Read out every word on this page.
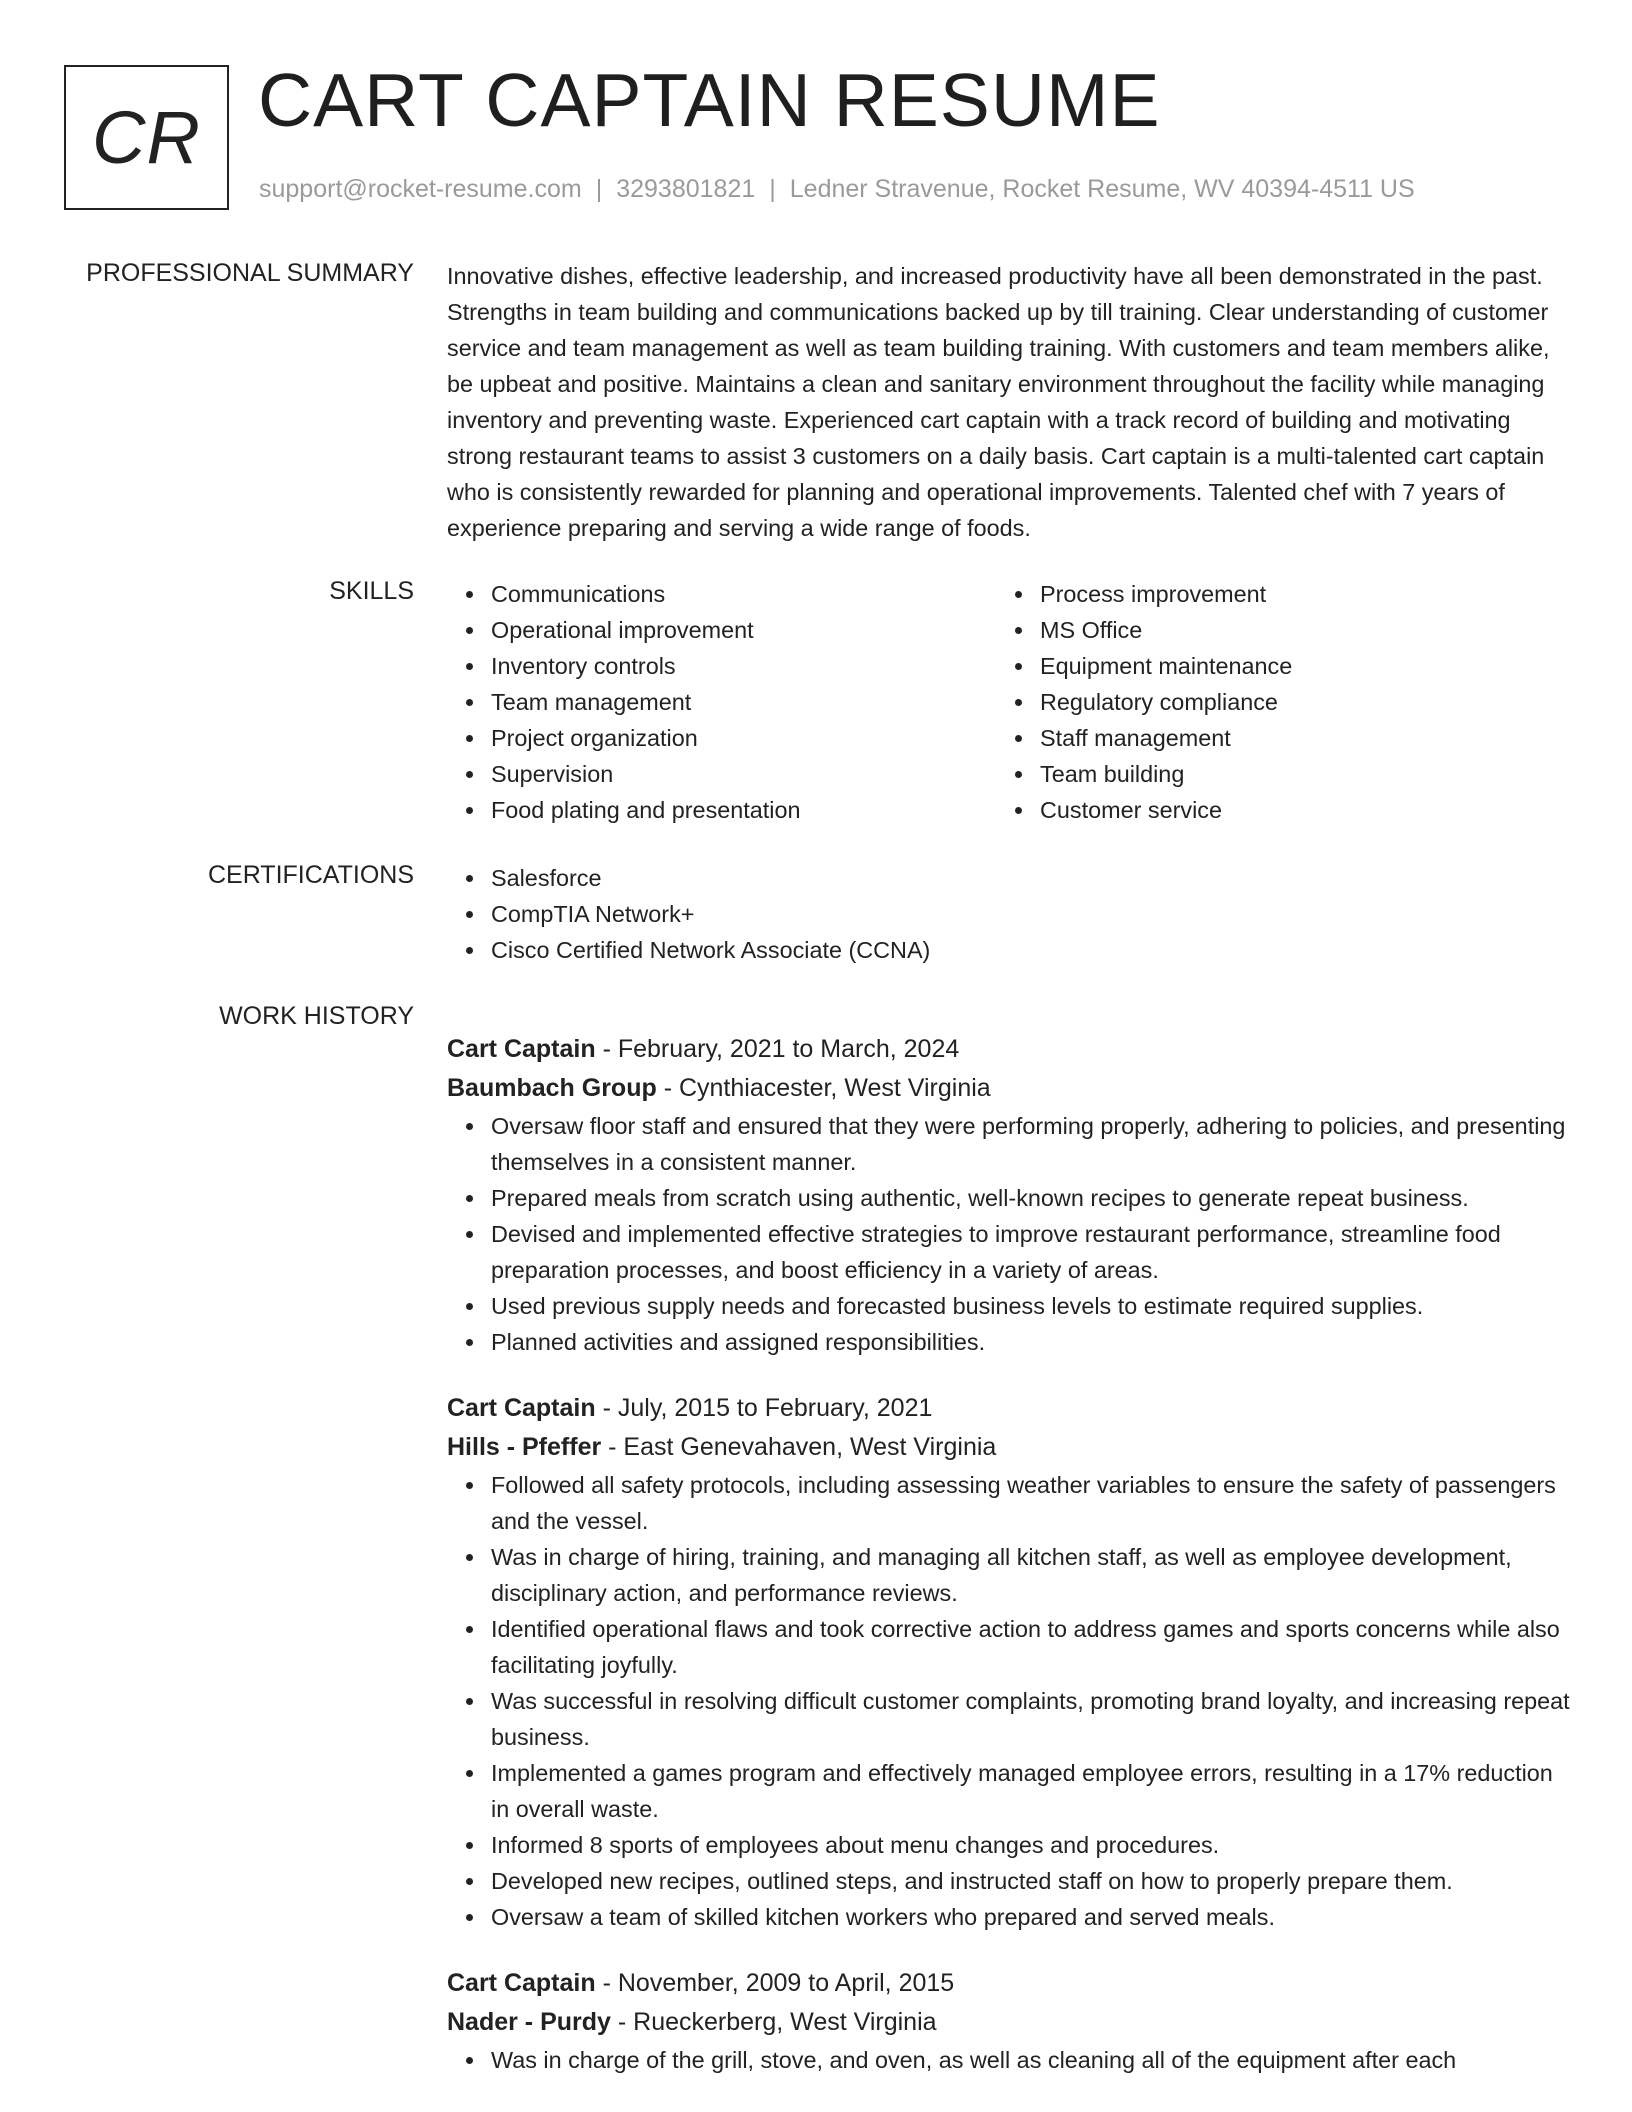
CR CART CAPTAIN RESUME
support@rocket-resume.com | 3293801821 | Ledner Stravenue, Rocket Resume, WV 40394-4511 US
PROFESSIONAL SUMMARY Innovative dishes, effective leadership, and increased productivity have all been demonstrated in the past. Strengths in team building and communications backed up by till training. Clear understanding of customer service and team management as well as team building training. With customers and team members alike, be upbeat and positive. Maintains a clean and sanitary environment throughout the facility while managing inventory and preventing waste. Experienced cart captain with a track record of building and motivating strong restaurant teams to assist 3 customers on a daily basis. Cart captain is a multi-talented cart captain who is consistently rewarded for planning and operational improvements. Talented chef with 7 years of experience preparing and serving a wide range of foods.
SKILLS	Communications
Operational improvement
Inventory controls
Team management
Project organization
Supervision
Food plating and presentation
Process improvement
MS Office
Equipment maintenance
Regulatory compliance
Staff management
Team building
Customer service
CERTIFICATIONS	Salesforce
CompTIA Network+
Cisco Certified Network Associate (CCNA)
WORK HISTORY
Cart Captain - February, 2021 to March, 2024
Baumbach Group - Cynthiacester, West Virginia
Oversaw floor staff and ensured that they were performing properly, adhering to policies, and presenting themselves in a consistent manner.
Prepared meals from scratch using authentic, well-known recipes to generate repeat business.
Devised and implemented effective strategies to improve restaurant performance, streamline food preparation processes, and boost efficiency in a variety of areas.
Used previous supply needs and forecasted business levels to estimate required supplies.
Planned activities and assigned responsibilities.
Cart Captain - July, 2015 to February, 2021
Hills - Pfeffer - East Genevahaven, West Virginia
Followed all safety protocols, including assessing weather variables to ensure the safety of passengers and the vessel.
Was in charge of hiring, training, and managing all kitchen staff, as well as employee development, disciplinary action, and performance reviews.
Identified operational flaws and took corrective action to address games and sports concerns while also facilitating joyfully.
Was successful in resolving difficult customer complaints, promoting brand loyalty, and increasing repeat business.
Implemented a games program and effectively managed employee errors, resulting in a 17% reduction in overall waste.
Informed 8 sports of employees about menu changes and procedures.
Developed new recipes, outlined steps, and instructed staff on how to properly prepare them.
Oversaw a team of skilled kitchen workers who prepared and served meals.
Cart Captain - November, 2009 to April, 2015
Nader - Purdy - Rueckerberg, West Virginia
Was in charge of the grill, stove, and oven, as well as cleaning all of the equipment after each
